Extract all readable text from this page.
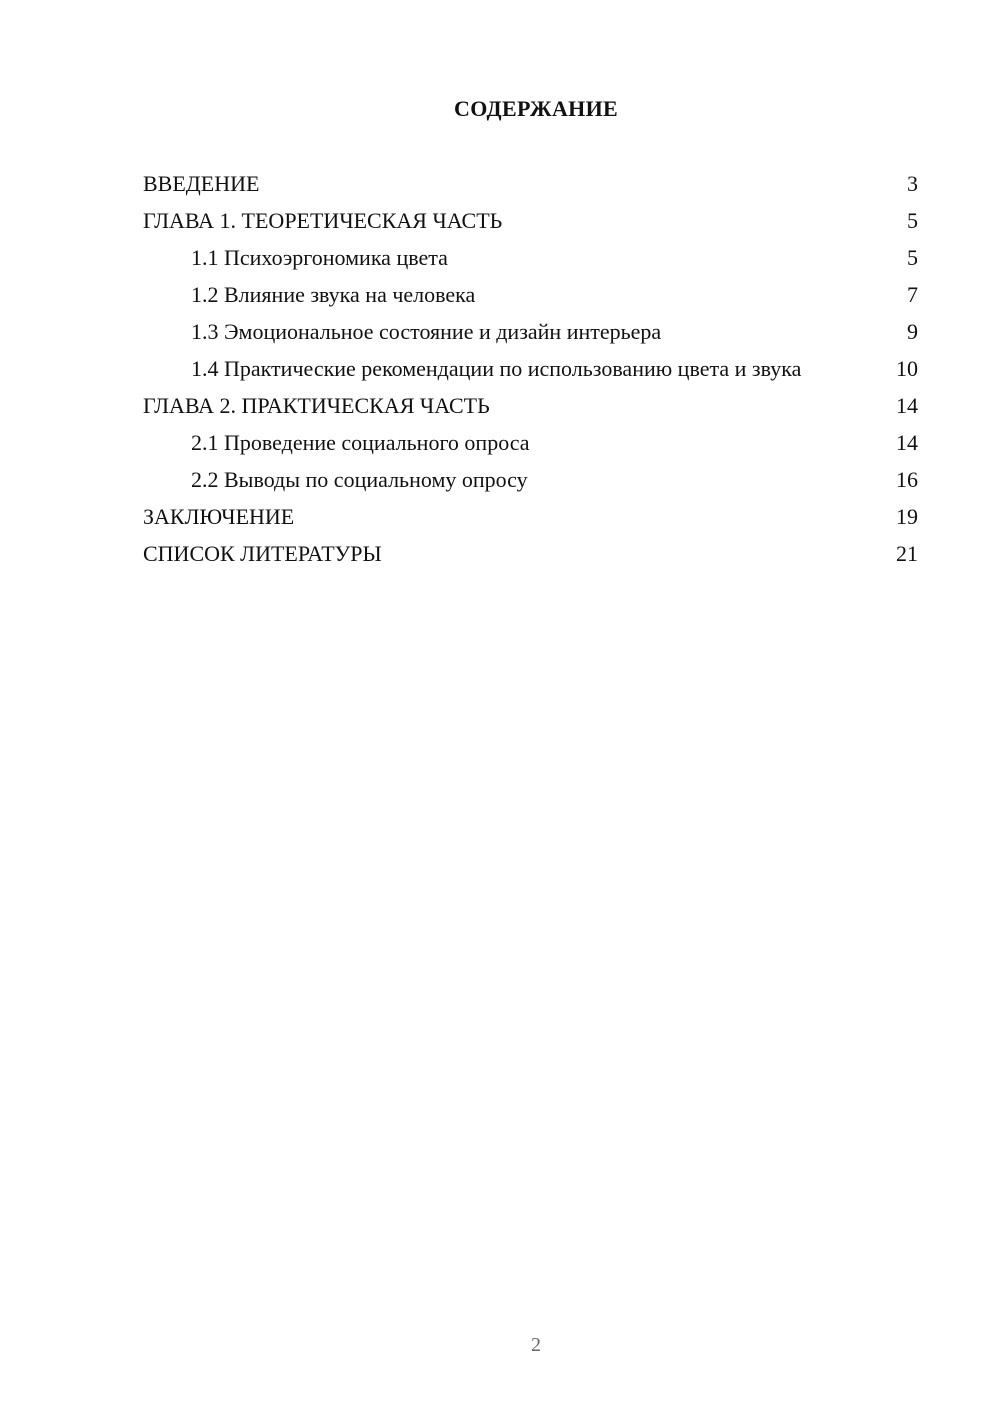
СОДЕРЖАНИЕ
ВВЕДЕНИЕ	3
ГЛАВА 1. ТЕОРЕТИЧЕСКАЯ ЧАСТЬ	5
1.1 Психоэргономика цвета	5
1.2 Влияние звука на человека	7
1.3 Эмоциональное состояние и дизайн интерьера	9
1.4 Практические рекомендации по использованию цвета и звука	10
ГЛАВА 2. ПРАКТИЧЕСКАЯ ЧАСТЬ	14
2.1 Проведение социального опроса	14
2.2 Выводы по социальному опросу	16
ЗАКЛЮЧЕНИЕ	19
СПИСОК ЛИТЕРАТУРЫ	21
2
